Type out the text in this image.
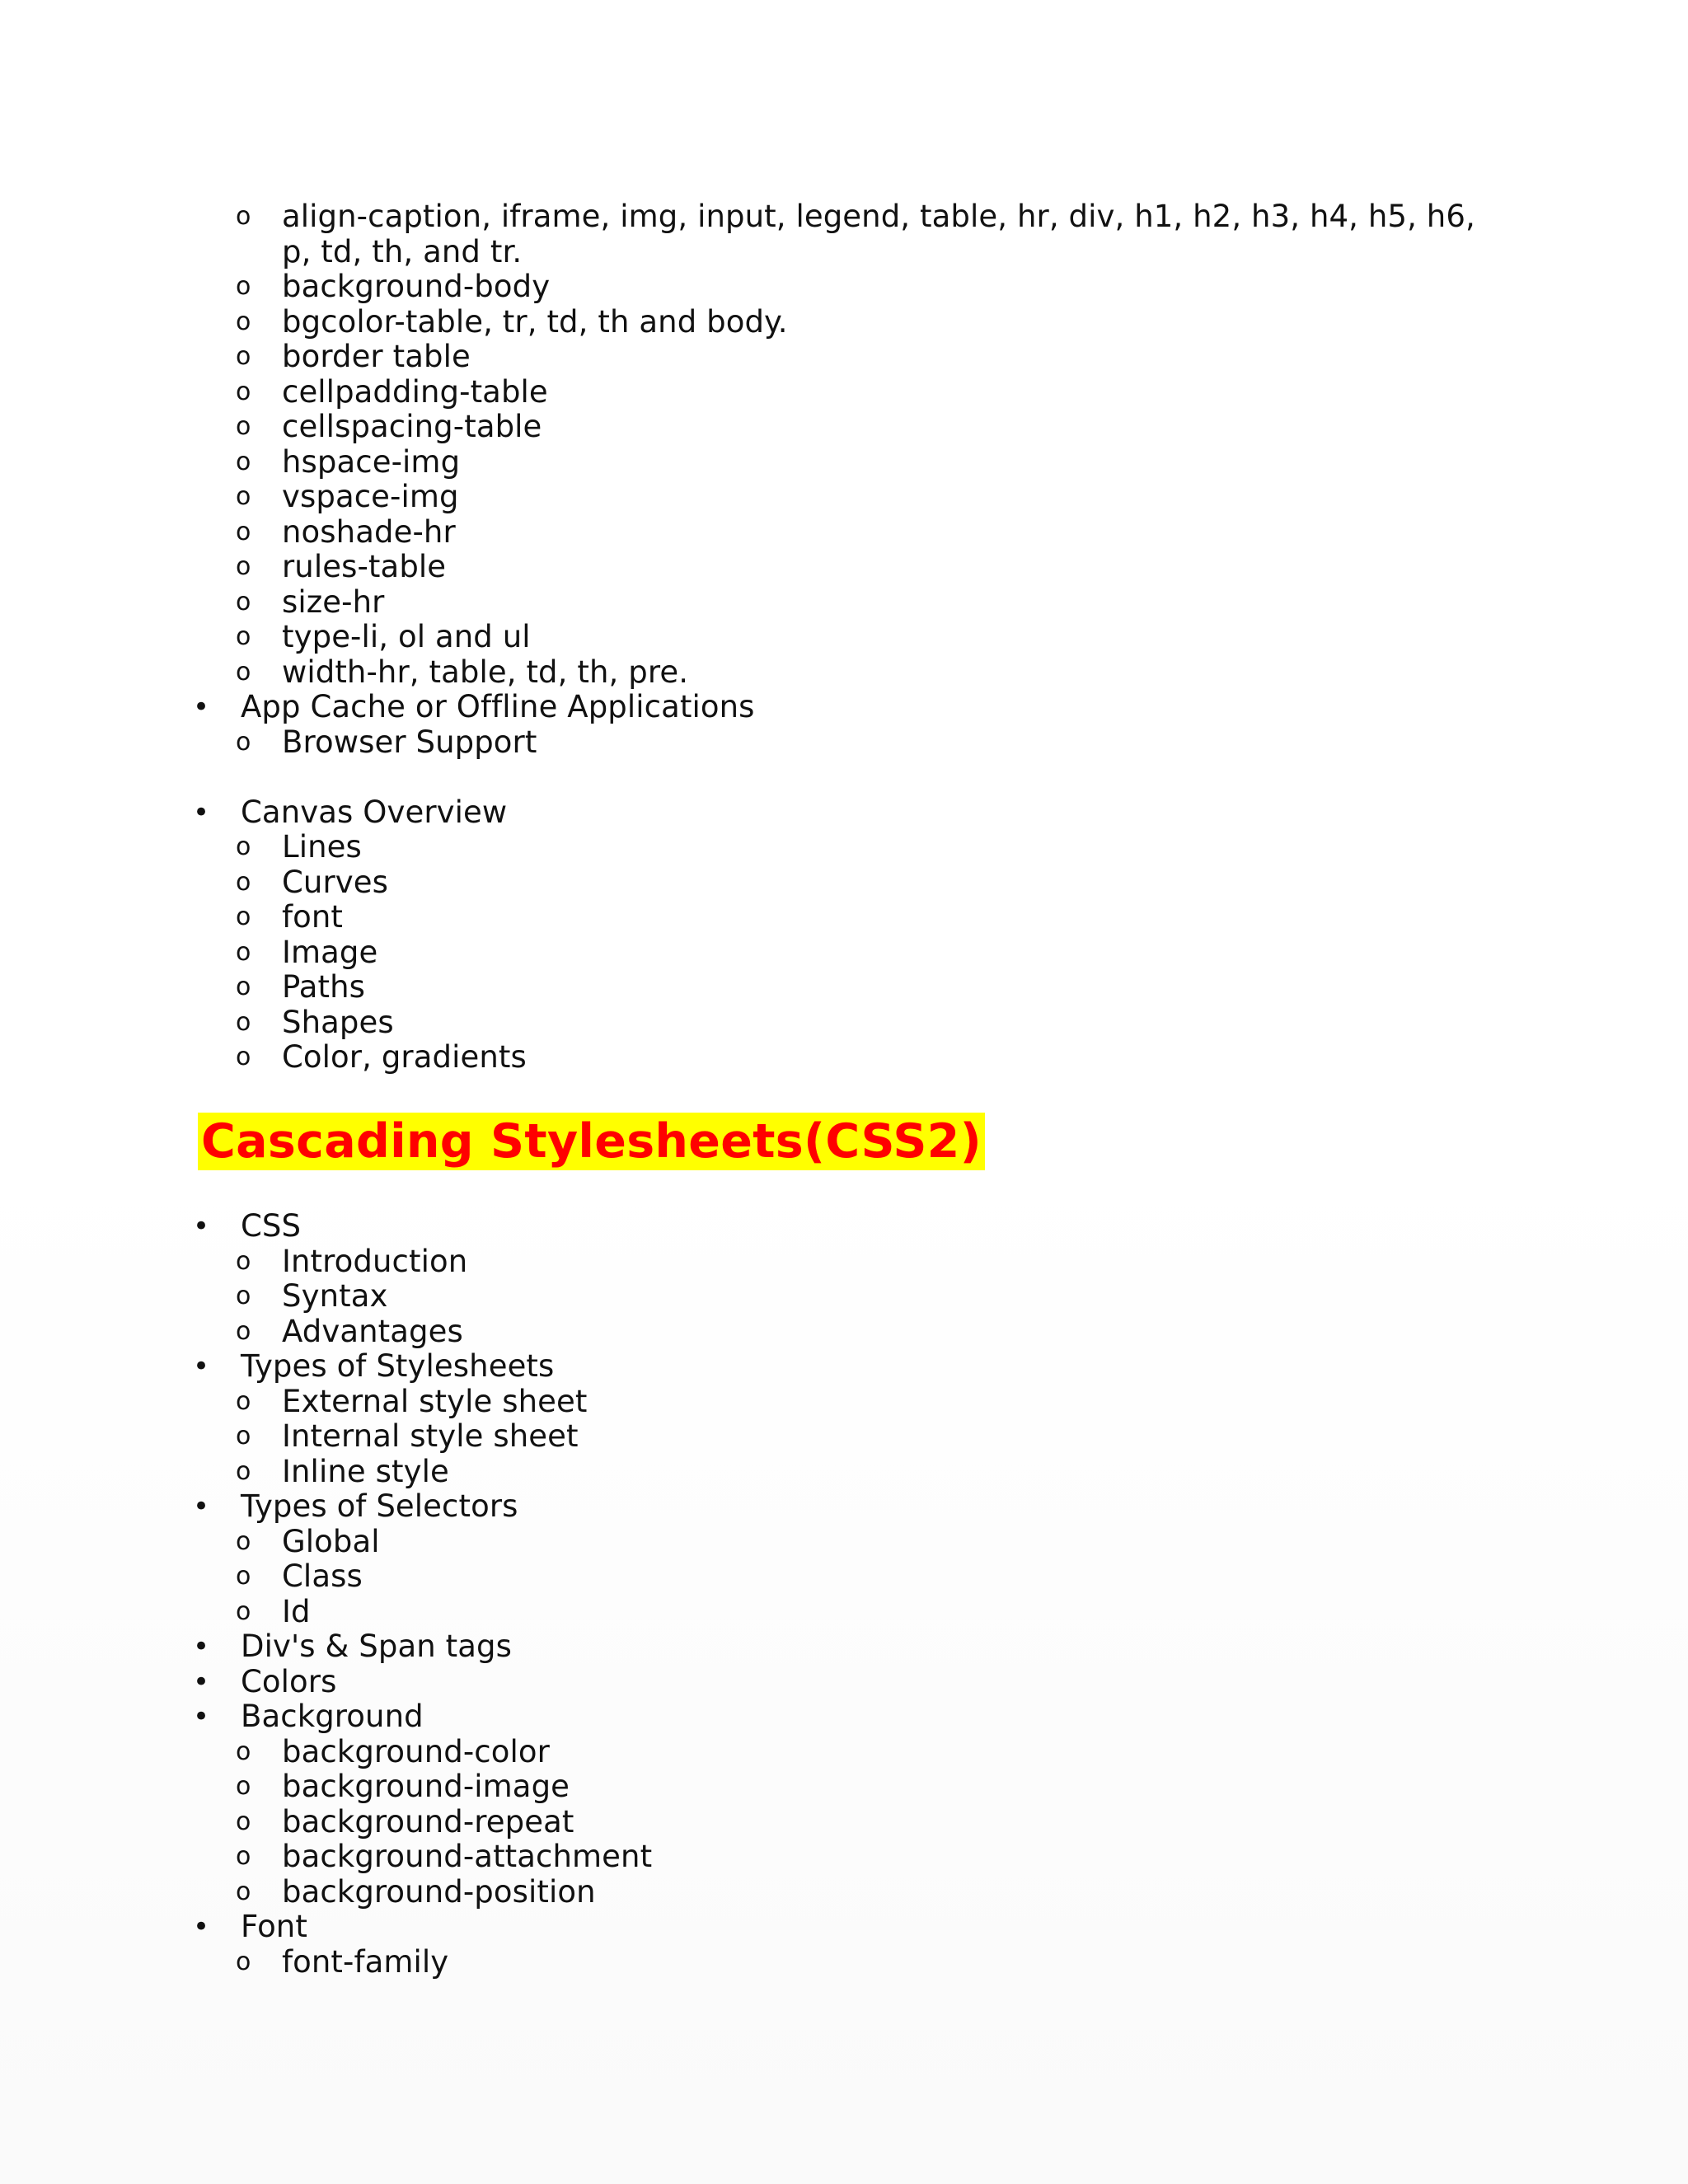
o	align-caption, iframe, img, input, legend, table, hr, div, h1, h2, h3, h4, h5, h6, p, td, th, and tr.
o	background-body
o	bgcolor-table, tr, td, th and body.
o	border table
o	cellpadding-table
o	cellspacing-table
o	hspace-img
o	vspace-img
o	noshade-hr
o	rules-table
o	size-hr
o	type-li, ol and ul
o	width-hr, table, td, th, pre.
• App Cache or Offline Applications
o	Browser Support
• Canvas Overview
o	Lines
o	Curves
o	font
o	Image
o	Paths
o	Shapes
o	Color, gradients
Cascading Stylesheets(CSS2)
• CSS
o	Introduction
o	Syntax
o	Advantages
• Types of Stylesheets
o	External style sheet
o	Internal style sheet
o	Inline style
• Types of Selectors
o	Global
o	Class
o	Id
• Div's & Span tags
• Colors
• Background
o	background-color
o	background-image
o	background-repeat
o	background-attachment
o	background-position
• Font
o	font-family
